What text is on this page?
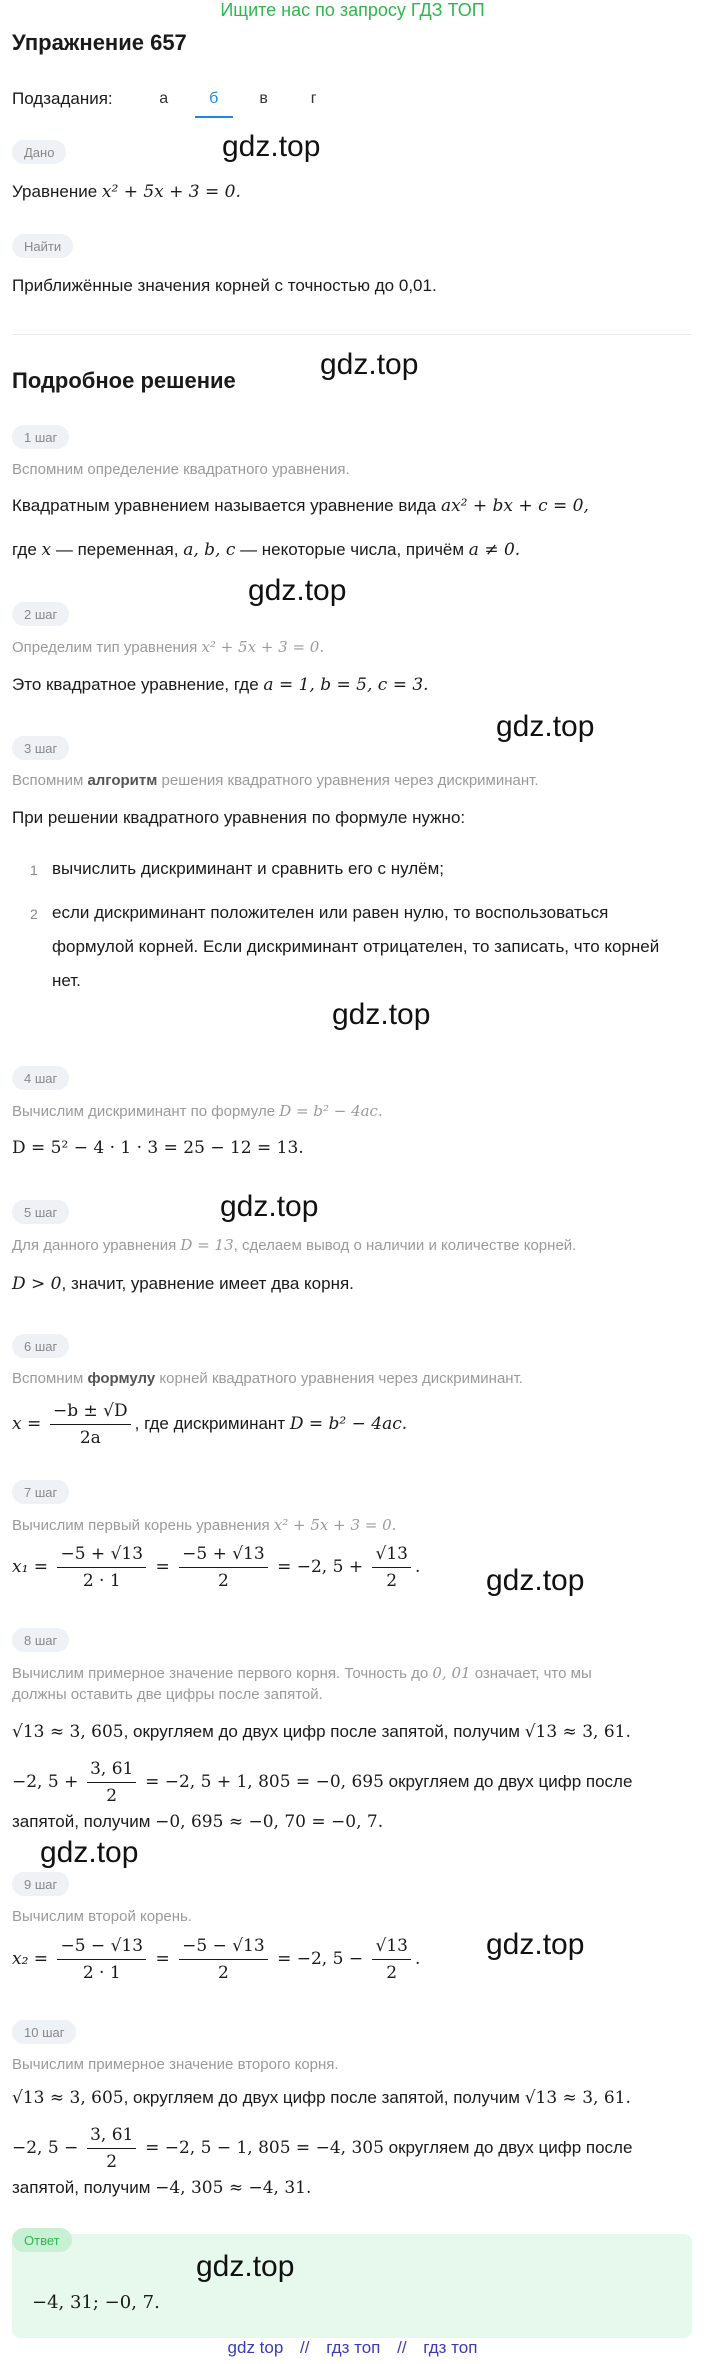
Ищите нас по запросу ГДЗ ТОП
Упражнение 657
Подзадания:	а	б	в	г
Дано	gdz.top
Уравнение x² + 5x + 3 = 0.
Найти
Приближённые значения корней с точностью до 0,01.
Подробное решение	gdz.top
1 шаг
Вспомним определение квадратного уравнения.
Квадратным уравнением называется уравнение вида ax² + bx + c = 0,
где x — переменная, a, b, c — некоторые числа, причём a ≠ 0.
gdz.top
2 шаг
Определим тип уравнения x² + 5x + 3 = 0.
Это квадратное уравнение, где a = 1, b = 5, c = 3.
gdz.top
3 шаг
Вспомним алгоритм решения квадратного уравнения через дискриминант.
При решении квадратного уравнения по формуле нужно:
1 вычислить дискриминант и сравнить его с нулём;
2 если дискриминант положителен или равен нулю, то воспользоваться формулой корней. Если дискриминант отрицателен, то записать, что корней нет.
gdz.top
4 шаг
Вычислим дискриминант по формуле D = b² − 4ac.
D = 5² − 4 · 1 · 3 = 25 − 12 = 13.
gdz.top
5 шаг
Для данного уравнения D = 13, сделаем вывод о наличии и количестве корней.
D > 0, значит, уравнение имеет два корня.
6 шаг
Вспомним формулу корней квадратного уравнения через дискриминант.
$x = \frac{-b \pm √D}{2a}$ , где дискриминант D = b² − 4ac.
7 шаг
Вычислим первый корень уравнения x² + 5x + 3 = 0.
$x_1 = \frac{-5 + √13}{2 \cdot 1} = \frac{-5 + √13}{2} = -2$, $5 + \frac{√13}{2}$ .	gdz.top
8 шаг
Вычислим примерное значение первого корня. Точность до 0, 01 означает, что мы
должны оставить две цифры после запятой.
√13 ≈ 3, 605, округляем до двух цифр после запятой, получим √13 ≈ 3, 61.
−2, $5 + \frac{3, 61}{2} = -2$, 5 + 1, 805 = −0, 695 округляем до двух цифр после
запятой, получим −0, 695 ≈ −0, 70 = −0, 7.
gdz.top
9 шаг
Вычислим второй корень.
$x_2 = \frac{-5 - √13}{2 \cdot 1} = \frac{-5 - √13}{2} = -2$, $5 - \frac{√13}{2}$ .	gdz.top
10 шаг
Вычислим примерное значение второго корня.
√13 ≈ 3, 605, округляем до двух цифр после запятой, получим √13 ≈ 3, 61.
−2, $5 - \frac{3, 61}{2} = -2$, 5 − 1, 805 = −4, 305 округляем до двух цифр после
запятой, получим −4, 305 ≈ −4, 31.
Ответ
gdz.top
−4, 31; −0, 7.
gdz top // гдз топ // гдз топ
